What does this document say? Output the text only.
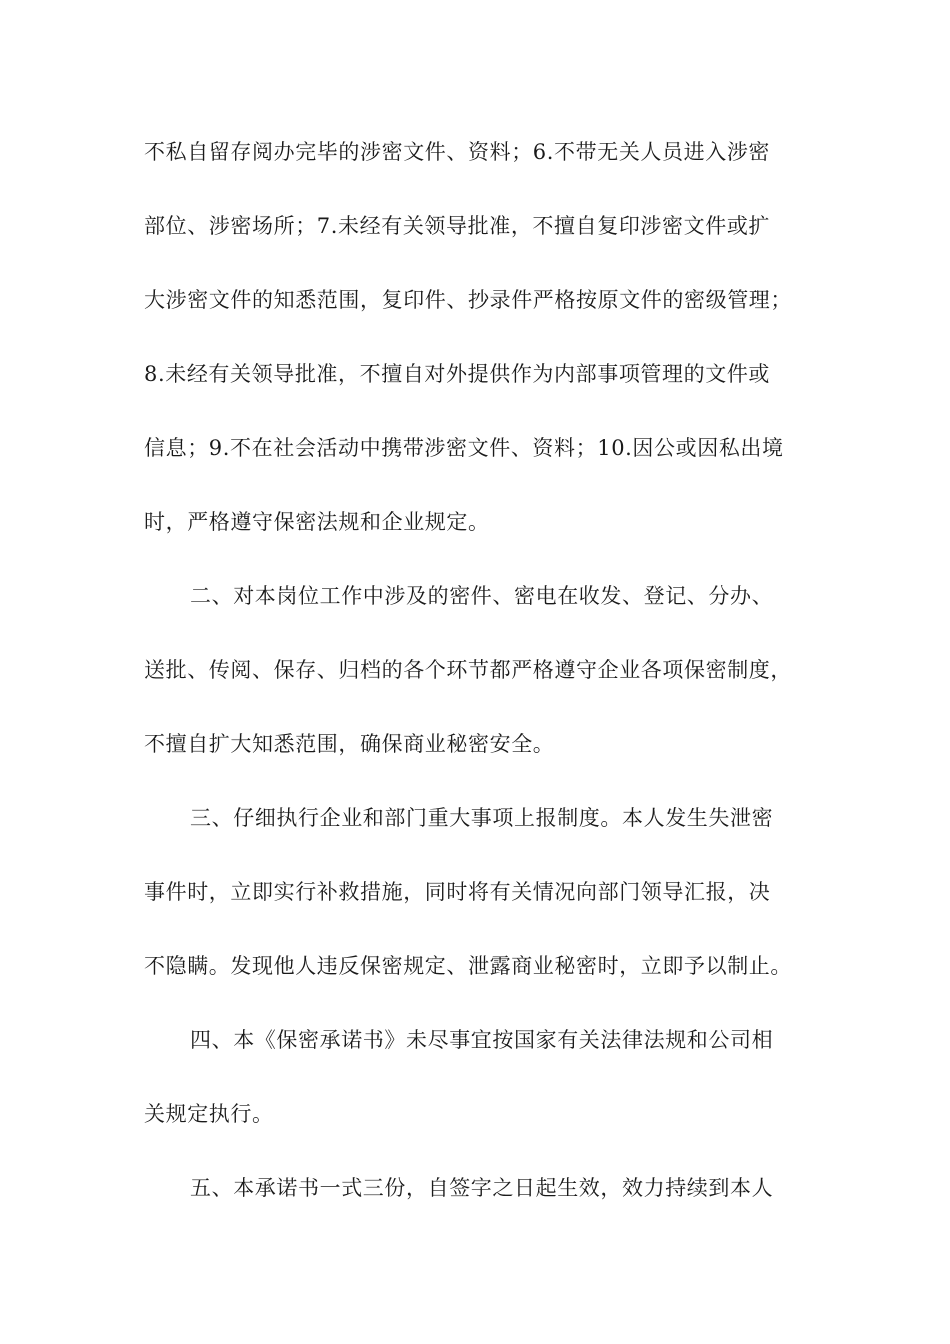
不私自留存阅办完毕的涉密文件、资料；6.不带无关人员进入涉密
部位、涉密场所；7.未经有关领导批准，不擅自复印涉密文件或扩
大涉密文件的知悉范围，复印件、抄录件严格按原文件的密级管理；
8.未经有关领导批准，不擅自对外提供作为内部事项管理的文件或
信息；9.不在社会活动中携带涉密文件、资料；10.因公或因私出境
时，严格遵守保密法规和企业规定。
二、对本岗位工作中涉及的密件、密电在收发、登记、分办、
送批、传阅、保存、归档的各个环节都严格遵守企业各项保密制度，
不擅自扩大知悉范围，确保商业秘密安全。
三、仔细执行企业和部门重大事项上报制度。本人发生失泄密
事件时，立即实行补救措施，同时将有关情况向部门领导汇报，决
不隐瞒。发现他人违反保密规定、泄露商业秘密时，立即予以制止。
四、本《保密承诺书》未尽事宜按国家有关法律法规和公司相
关规定执行。
五、本承诺书一式三份，自签字之日起生效，效力持续到本人
